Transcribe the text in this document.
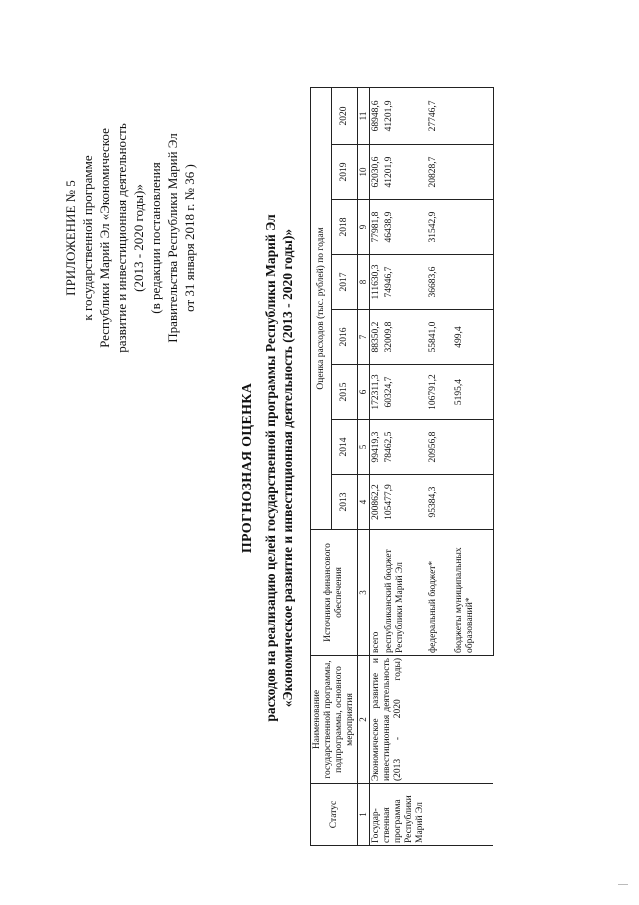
ПРИЛОЖЕНИЕ № 5 к государственной программе Республики Марий Эл «Экономическое развитие и инвестиционная деятельность (2013 - 2020 годы)» (в редакции постановления Правительства Республики Марий Эл от 31 января 2018 г. № 36 )
ПРОГНОЗНАЯ ОЦЕНКА расходов на реализацию целей государственной программы Республики Марий Эл «Экономическое развитие и инвестиционная деятельность (2013 - 2020 годы)»
Статус	Наименование государственной программы, подпрограммы, основного мероприятия	Источники финансового обеспечения	Оценка расходов (тыс. рублей) по годам							
			2013	2014	2015	2016	2017	2018	2019	2020
1	2	3	4	5	6	7	8	9	10	11
Государ-ственная программа Республики Марий Эл	Экономическое развитие и инвестиционная деятельность (2013 - 2020 годы)	всего	200862,2	99419,3	172311,3	88350,2	111630,3	77981,8	62030,6	68948,6
		республиканский бюджет Республики Марий Эл	105477,9	78462,5	60324,7	32009,8	74946,7	46438,9	41201,9	41201,9
		федеральный бюджет*	95384,3	20956,8	106791,2	55841,0	36683,6	31542,9	20828,7	27746,7
		бюджеты муниципальных образований*			5195,4	499,4				
